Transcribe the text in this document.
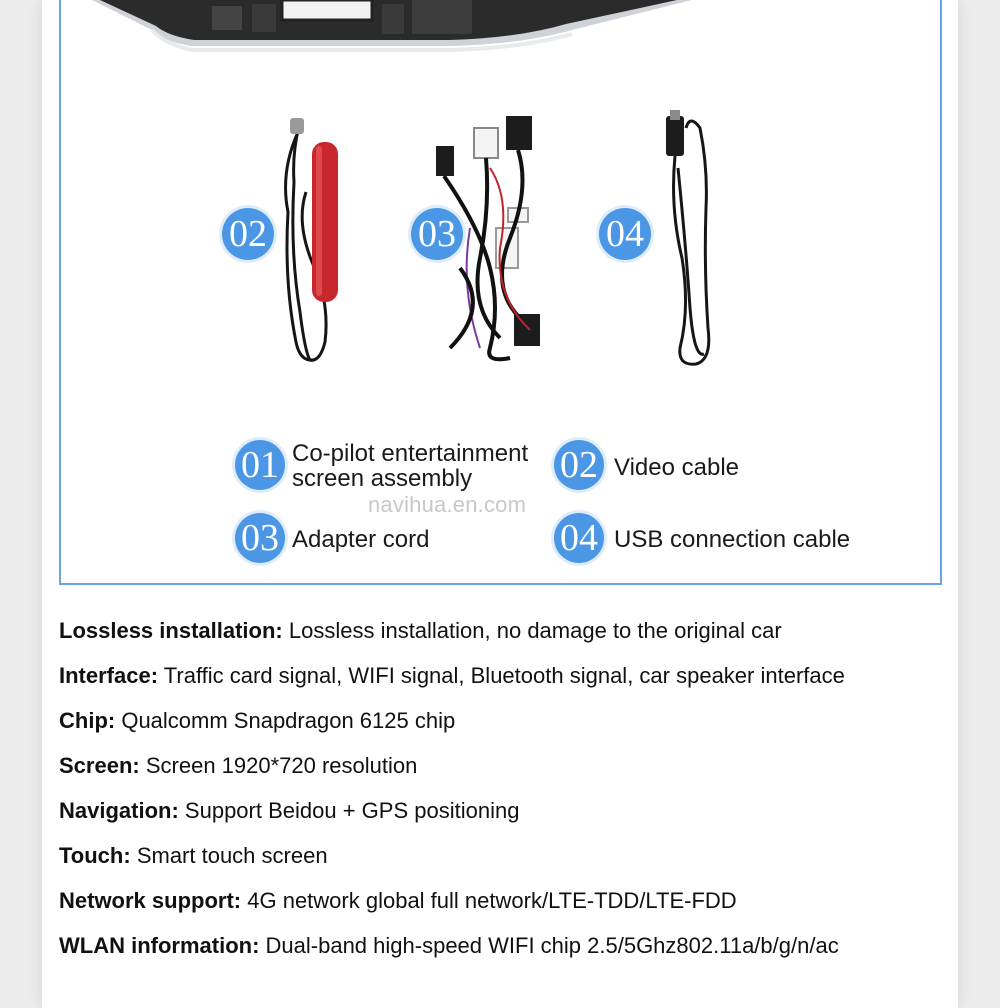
02	03	04
01 Co-pilot entertainment
screen assembly	02 Video cable
navihua.en.com
03 Adapter cord	04 USB connection cable
Lossless installation: Lossless installation, no damage to the original car
Interface: Traffic card signal, WIFI signal, Bluetooth signal, car speaker interface
Chip: Qualcomm Snapdragon 6125 chip
Screen: Screen 1920*720 resolution
Navigation: Support Beidou + GPS positioning
Touch: Smart touch screen
Network support: 4G network global full network/LTE-TDD/LTE-FDD
WLAN information: Dual-band high-speed WIFI chip 2.5/5Ghz802.11a/b/g/n/ac
